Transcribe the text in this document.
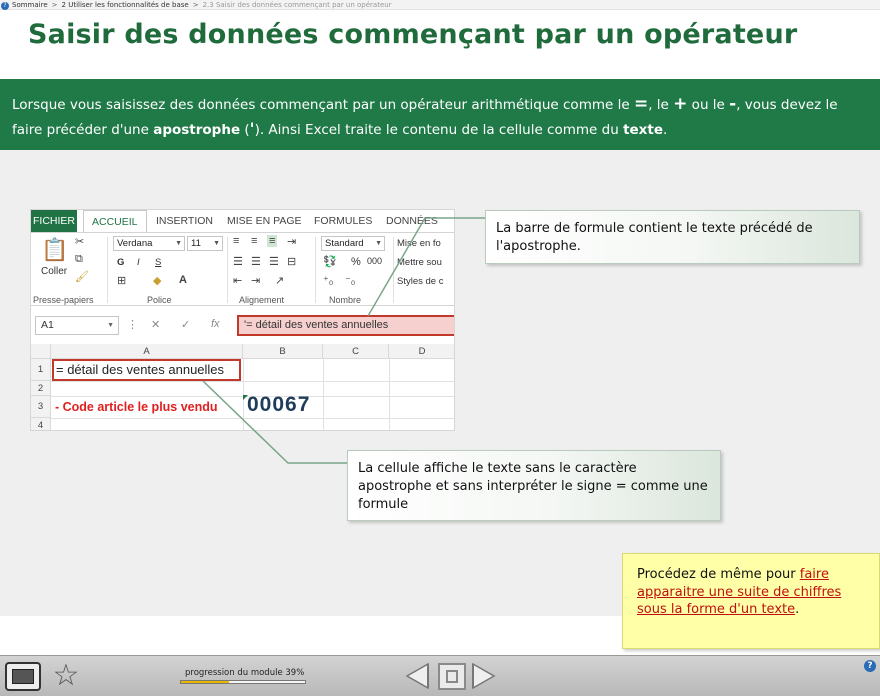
? Sommaire > 2 Utiliser les fonctionnalités de base > 2.3 Saisir des données commençant par un opérateur
Saisir des données commençant par un opérateur
Lorsque vous saisissez des données commençant par un opérateur arithmétique comme le =, le + ou le -, vous devez le faire précéder d'une apostrophe ('). Ainsi Excel traite le contenu de la cellule comme du texte.
FICHIER	ACCUEIL	INSERTION MISE EN PAGE FORMULES DONNÉES
📋
Coller
✂
⧉
🖌
Presse-papiers
Verdana	▼ 11 ▼
G I S
⊞ ◆ A
Police
≡ ≡ ≡ ⇥
☰ ☰ ☰ ⊟
⇤ ⇥ ↗
Alignement
Standard ▼
💱 % 000
⁺₀ ⁻₀
Nombre
Mise en fo
Mettre sou
Styles de c
A1	▼ ⋮ ✕ ✓ fx	'= détail des ventes annuelles
A	B	C	D
1
2
3
4
= détail des ventes annuelles
- Code article le plus vendu 00067
La barre de formule contient le texte précédé de l'apostrophe.
La cellule affiche le texte sans le caractère apostrophe et sans interpréter le signe = comme une formule
Procédez de même pour faire apparaitre une suite de chiffres sous la forme d'un texte.
☆	progression du module 39%
?
